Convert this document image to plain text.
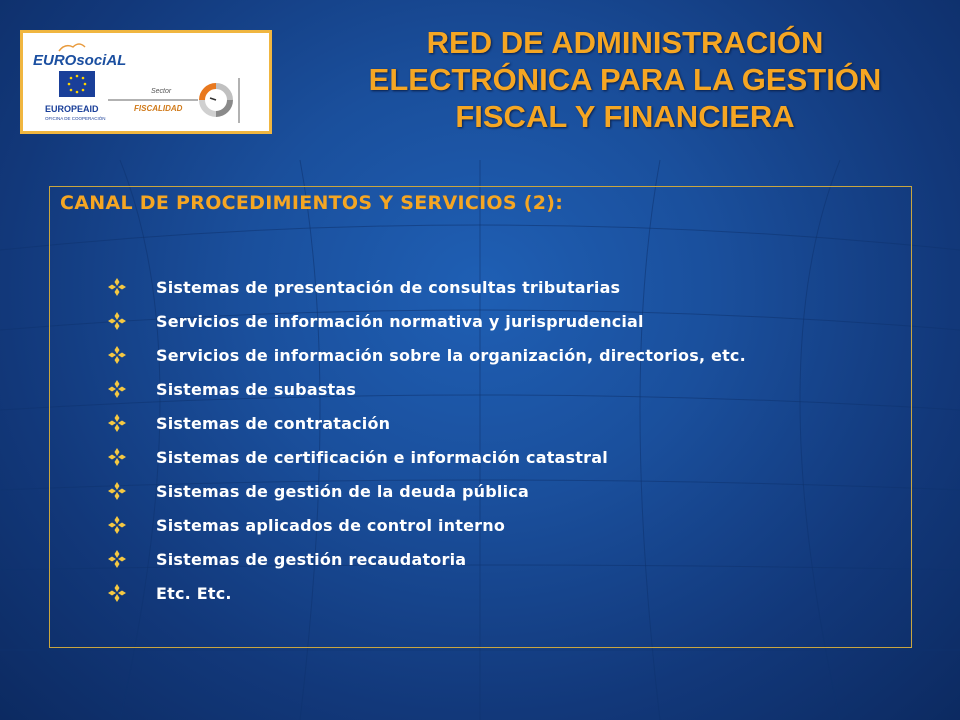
EUROsociAL
EUROPEAID
OFICINA DE COOPERACIÓN
Sector
FISCALIDAD
RED DE ADMINISTRACIÓN
ELECTRÓNICA PARA LA GESTIÓN
FISCAL Y FINANCIERA
CANAL DE PROCEDIMIENTOS Y SERVICIOS (2):
Sistemas de presentación de consultas tributarias
Servicios de información normativa y jurisprudencial
Servicios de información sobre la organización, directorios, etc.
Sistemas de subastas
Sistemas de contratación
Sistemas de certificación e información catastral
Sistemas de gestión de la deuda pública
Sistemas aplicados de control interno
Sistemas de gestión recaudatoria
Etc. Etc.
